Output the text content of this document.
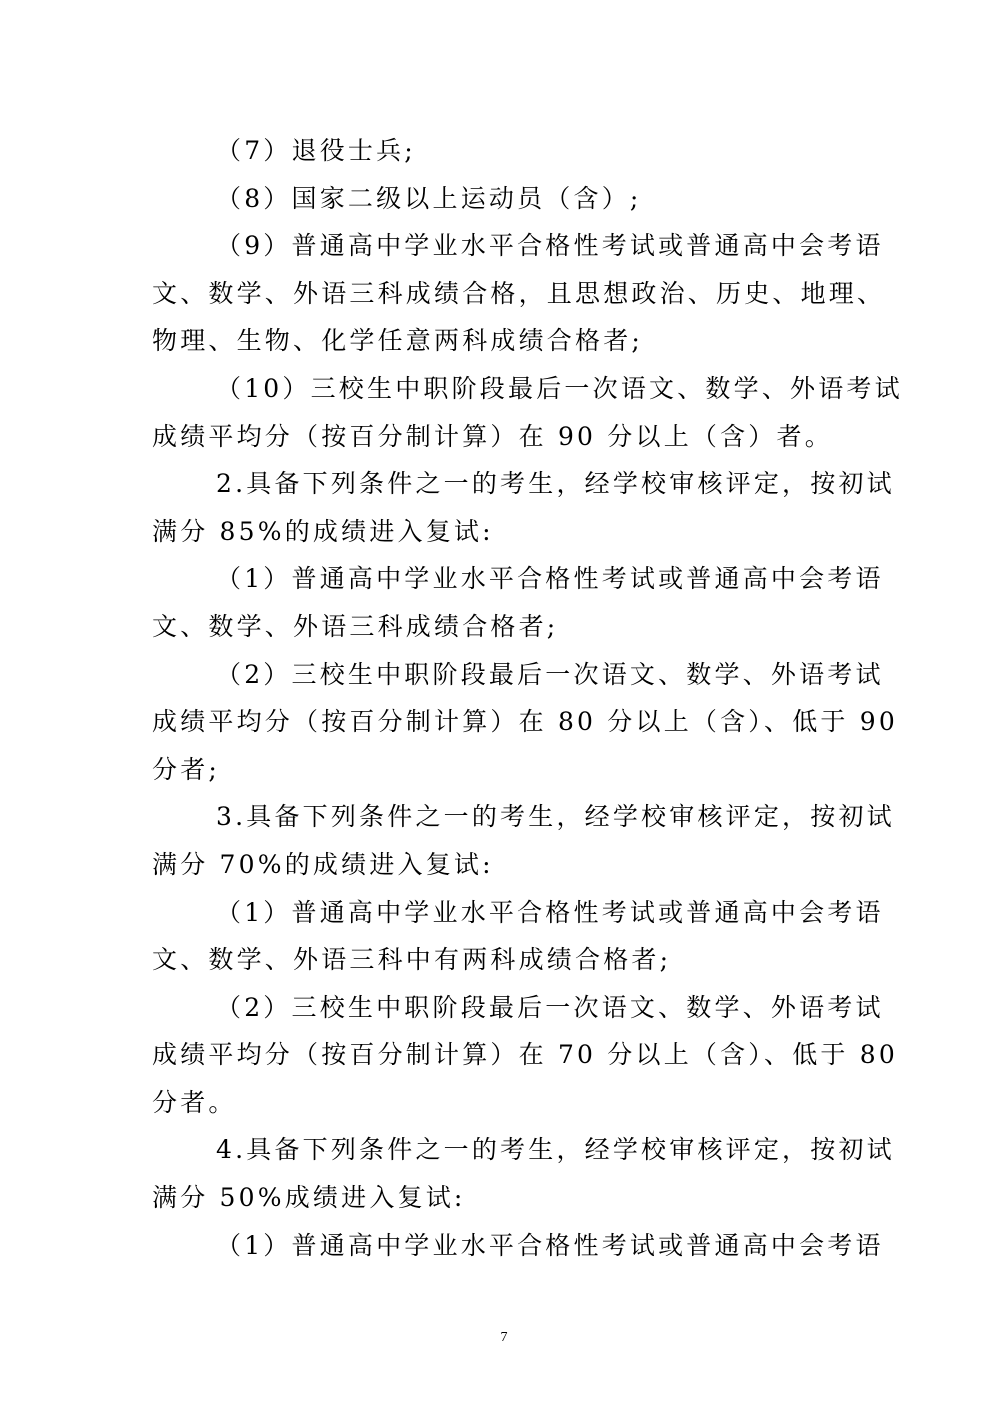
（7）退役士兵;
（8）国家二级以上运动员（含）;
（9）普通高中学业水平合格性考试或普通高中会考语
文、数学、外语三科成绩合格，且思想政治、历史、地理、
物理、生物、化学任意两科成绩合格者;
（10）三校生中职阶段最后一次语文、数学、外语考试
成绩平均分（按百分制计算）在 90 分以上（含）者。
2.具备下列条件之一的考生，经学校审核评定，按初试
满分 85%的成绩进入复试:
（1）普通高中学业水平合格性考试或普通高中会考语
文、数学、外语三科成绩合格者;
（2）三校生中职阶段最后一次语文、数学、外语考试
成绩平均分（按百分制计算）在 80 分以上（含）、低于 90
分者;
3.具备下列条件之一的考生，经学校审核评定，按初试
满分 70%的成绩进入复试:
（1）普通高中学业水平合格性考试或普通高中会考语
文、数学、外语三科中有两科成绩合格者;
（2）三校生中职阶段最后一次语文、数学、外语考试
成绩平均分（按百分制计算）在 70 分以上（含）、低于 80
分者。
4.具备下列条件之一的考生，经学校审核评定，按初试
满分 50%成绩进入复试:
（1）普通高中学业水平合格性考试或普通高中会考语
7
